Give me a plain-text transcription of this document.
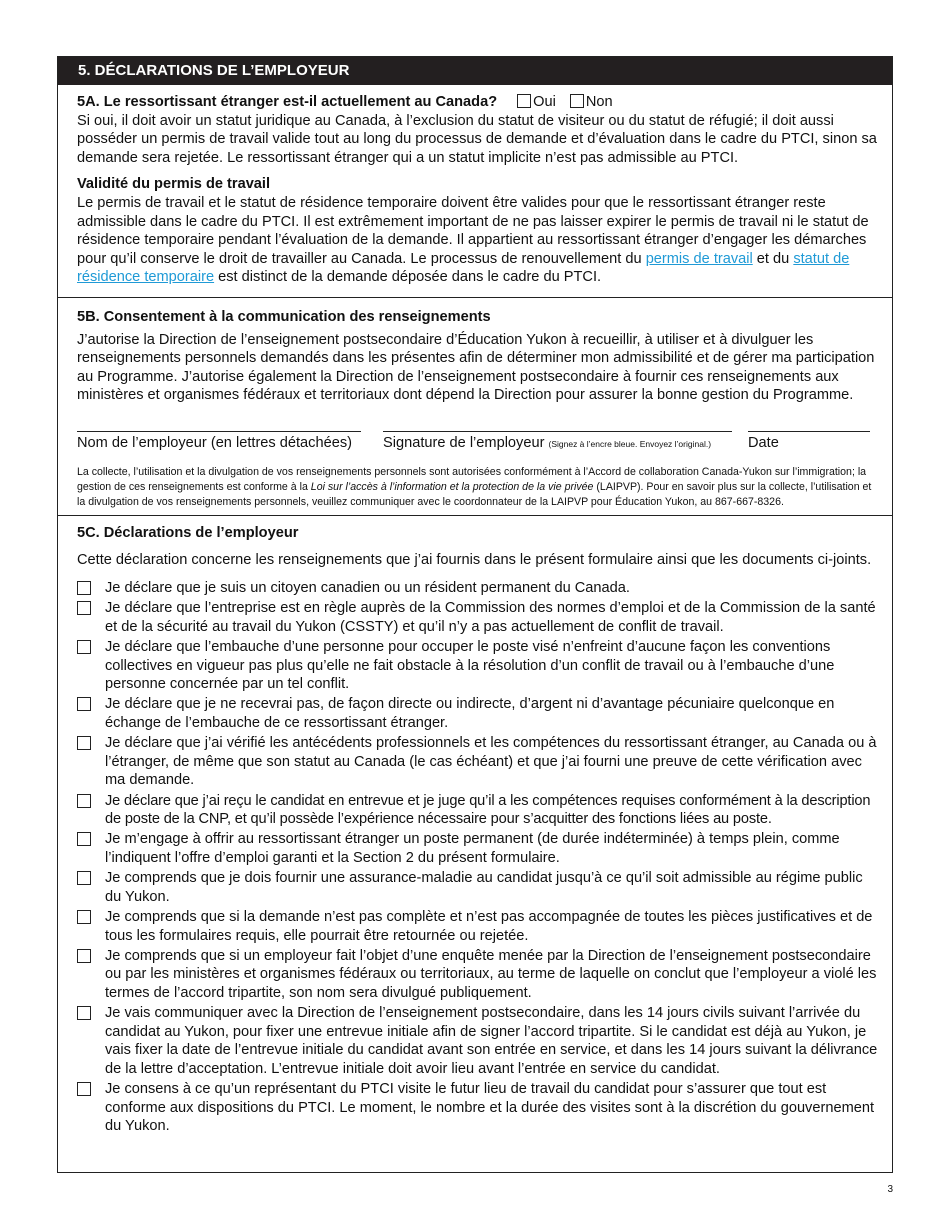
5. DÉCLARATIONS DE L’EMPLOYEUR

5A. Le ressortissant étranger est-il actuellement au Canada? Oui Non

Si oui, il doit avoir un statut juridique au Canada, à l’exclusion du statut de visiteur ou du statut de réfugié; il doit aussi posséder un permis de travail valide tout au long du processus de demande et d’évaluation dans le cadre du PTCI, sinon sa demande sera rejetée. Le ressortissant étranger qui a un statut implicite n’est pas admissible au PTCI.

Validité du permis de travail

Le permis de travail et le statut de résidence temporaire doivent être valides pour que le ressortissant étranger reste admissible dans le cadre du PTCI. Il est extrêmement important de ne pas laisser expirer le permis de travail ni le statut de résidence temporaire pendant l’évaluation de la demande. Il appartient au ressortissant étranger d’engager les démarches pour qu’il conserve le droit de travailler au Canada. Le processus de renouvellement du permis de travail et du statut de résidence temporaire est distinct de la demande déposée dans le cadre du PTCI.

5B. Consentement à la communication des renseignements

J’autorise la Direction de l’enseignement postsecondaire d’Éducation Yukon à recueillir, à utiliser et à divulguer les renseignements personnels demandés dans les présentes afin de déterminer mon admissibilité et de gérer ma participation au Programme. J’autorise également la Direction de l’enseignement postsecondaire à fournir ces renseignements aux ministères et organismes fédéraux et territoriaux dont dépend la Direction pour assurer la bonne gestion du Programme.

Nom de l’employeur (en lettres détachées)	Signature de l’employeur (Signez à l’encre bleue. Envoyez l’original.)	Date

La collecte, l’utilisation et la divulgation de vos renseignements personnels sont autorisées conformément à l’Accord de collaboration Canada-Yukon sur l’immigration; la gestion de ces renseignements est conforme à la Loi sur l’accès à l’information et la protection de la vie privée (LAIPVP). Pour en savoir plus sur la collecte, l’utilisation et la divulgation de vos renseignements personnels, veuillez communiquer avec le coordonnateur de la LAIPVP pour Éducation Yukon, au 867-667-8326.

5C. Déclarations de l’employeur

Cette déclaration concerne les renseignements que j’ai fournis dans le présent formulaire ainsi que les documents ci-joints.

Je déclare que je suis un citoyen canadien ou un résident permanent du Canada.
Je déclare que l’entreprise est en règle auprès de la Commission des normes d’emploi et de la Commission de la santé et de la sécurité au travail du Yukon (CSSTY) et qu’il n’y a pas actuellement de conflit de travail.
Je déclare que l’embauche d’une personne pour occuper le poste visé n’enfreint d’aucune façon les conventions collectives en vigueur pas plus qu’elle ne fait obstacle à la résolution d’un conflit de travail ou à l’embauche d’une personne concernée par un tel conflit.
Je déclare que je ne recevrai pas, de façon directe ou indirecte, d’argent ni d’avantage pécuniaire quelconque en échange de l’embauche de ce ressortissant étranger.
Je déclare que j’ai vérifié les antécédents professionnels et les compétences du ressortissant étranger, au Canada ou à l’étranger, de même que son statut au Canada (le cas échéant) et que j’ai fourni une preuve de cette vérification avec ma demande.
Je déclare que j’ai reçu le candidat en entrevue et je juge qu’il a les compétences requises conformément à la description de poste de la CNP, et qu’il possède l’expérience nécessaire pour s’acquitter des fonctions liées au poste.
Je m’engage à offrir au ressortissant étranger un poste permanent (de durée indéterminée) à temps plein, comme l’indiquent l’offre d’emploi garanti et la Section 2 du présent formulaire.
Je comprends que je dois fournir une assurance-maladie au candidat jusqu’à ce qu’il soit admissible au régime public du Yukon.
Je comprends que si la demande n’est pas complète et n’est pas accompagnée de toutes les pièces justificatives et de tous les formulaires requis, elle pourrait être retournée ou rejetée.
Je comprends que si un employeur fait l’objet d’une enquête menée par la Direction de l’enseignement postsecondaire ou par les ministères et organismes fédéraux ou territoriaux, au terme de laquelle on conclut que l’employeur a violé les termes de l’accord tripartite, son nom sera divulgué publiquement.
Je vais communiquer avec la Direction de l’enseignement postsecondaire, dans les 14 jours civils suivant l’arrivée du candidat au Yukon, pour fixer une entrevue initiale afin de signer l’accord tripartite. Si le candidat est déjà au Yukon, je vais fixer la date de l’entrevue initiale du candidat avant son entrée en service, et dans les 14 jours suivant la délivrance de la lettre d’acceptation. L’entrevue initiale doit avoir lieu avant l’entrée en service du candidat.
Je consens à ce qu’un représentant du PTCI visite le futur lieu de travail du candidat pour s’assurer que tout est conforme aux dispositions du PTCI. Le moment, le nombre et la durée des visites sont à la discrétion du gouvernement du Yukon.
3
